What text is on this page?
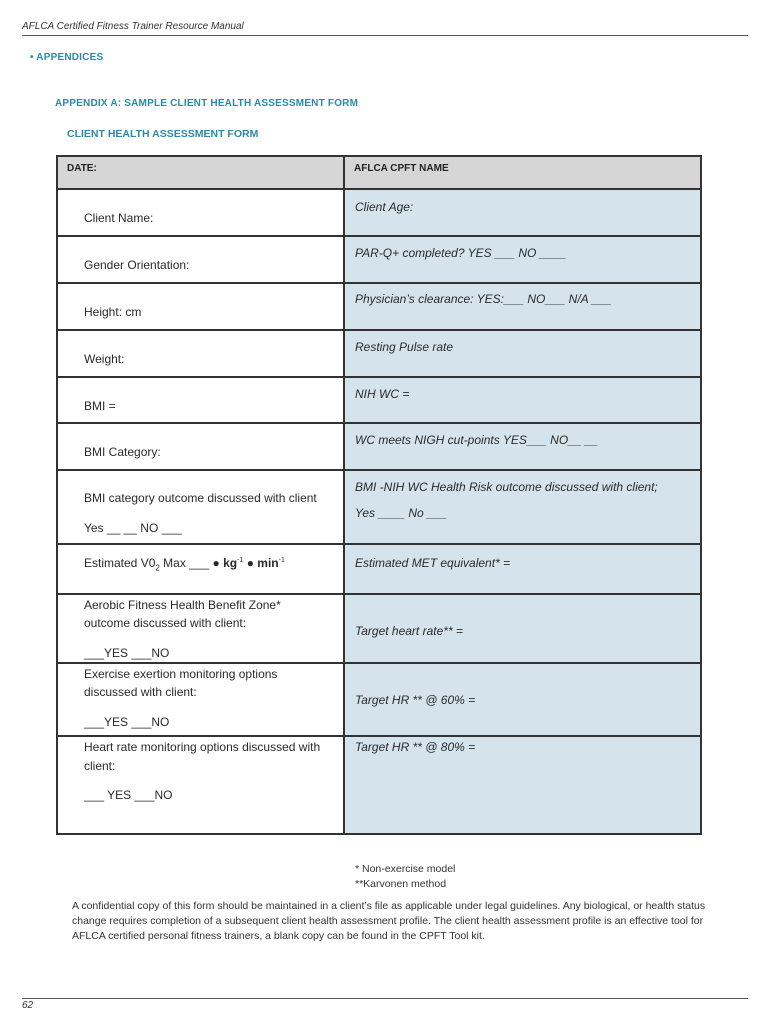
AFLCA Certified Fitness Trainer Resource Manual
• APPENDICES
APPENDIX A: SAMPLE CLIENT HEALTH ASSESSMENT FORM
CLIENT HEALTH ASSESSMENT FORM
DATE:	AFLCA CPFT NAME
Client Name:
Client Age:
Gender Orientation:
PAR-Q+ completed? YES ___ NO ____
Height: cm
Physician’s clearance: YES:___ NO___ N/A ___
Weight:
Resting Pulse rate
BMI =
NIH WC =
BMI Category:
WC meets NIGH cut-points YES___ NO__ __
BMI category outcome discussed with client
Yes __ __ NO ___
BMI -NIH WC Health Risk outcome discussed with client;
Yes ____ No ___
Estimated $V0_2$ Max ___ ● $kg^{-1}$ ● $\min^{-1}$	Estimated MET equivalent* =
Aerobic Fitness Health Benefit Zone*
outcome discussed with client:
___YES ___NO
Target heart rate** =
Exercise exertion monitoring options
discussed with client:
___YES ___NO
Target HR ** @ 60% =
Heart rate monitoring options discussed with
client:
___ YES ___NO
Target HR ** @ 80% =
* Non-exercise model
**Karvonen method
A confidential copy of this form should be maintained in a client’s file as applicable under legal guidelines. Any biological, or health status change requires completion of a subsequent client health assessment profile. The client health assessment profile is an effective tool for AFLCA certified personal fitness trainers, a blank copy can be found in the CPFT Tool kit.
62
